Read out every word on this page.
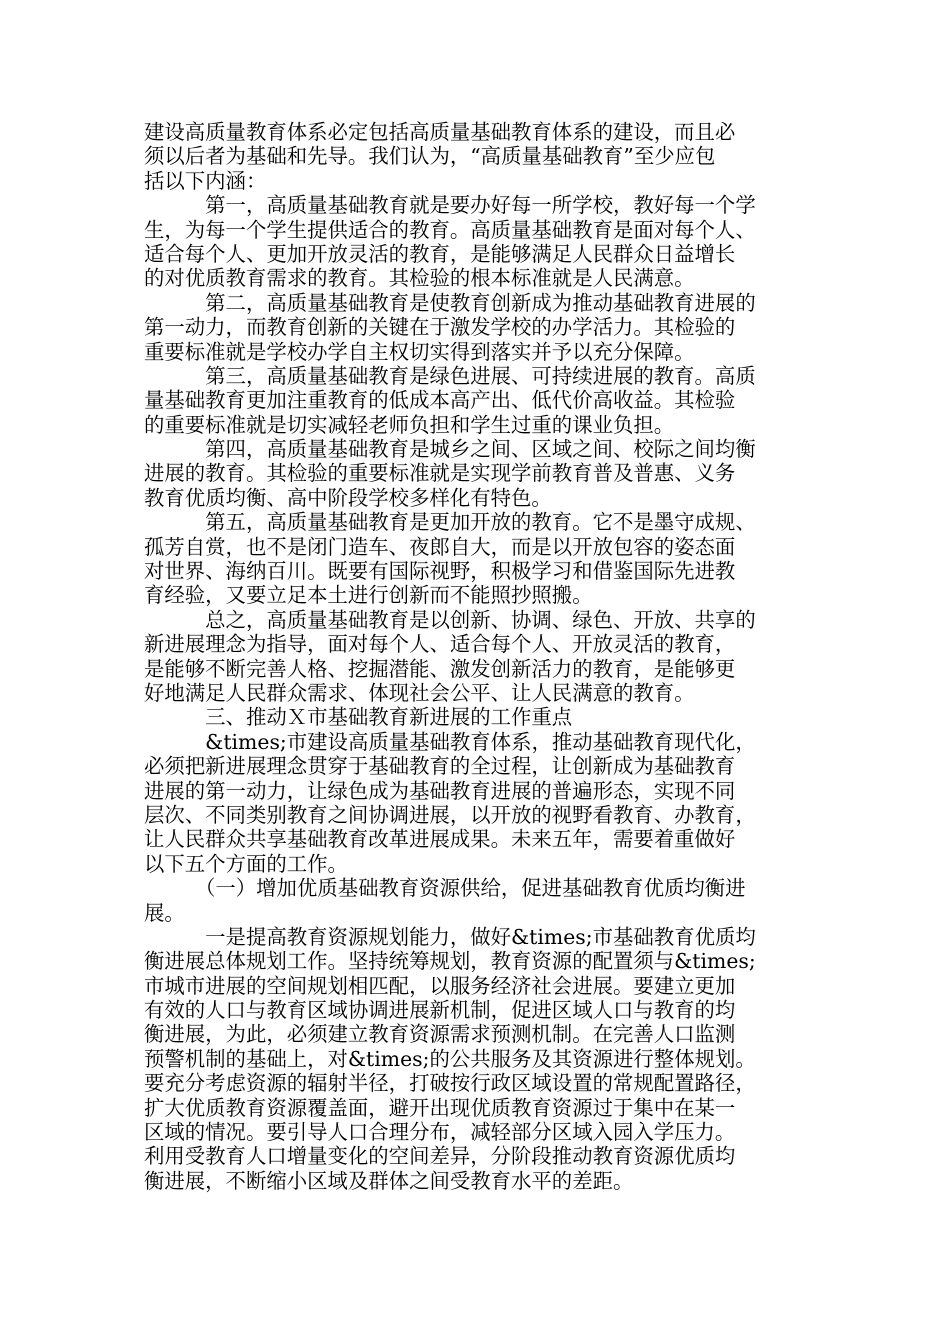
建设高质量教育体系必定包括高质量基础教育体系的建设，而且必
须以后者为基础和先导。我们认为，“高质量基础教育”至少应包
括以下内涵：
　　　第一，高质量基础教育就是要办好每一所学校，教好每一个学
生，为每一个学生提供适合的教育。高质量基础教育是面对每个人、
适合每个人、更加开放灵活的教育，是能够满足人民群众日益增长
的对优质教育需求的教育。其检验的根本标准就是人民满意。
　　　第二，高质量基础教育是使教育创新成为推动基础教育进展的
第一动力，而教育创新的关键在于激发学校的办学活力。其检验的
重要标准就是学校办学自主权切实得到落实并予以充分保障。
　　　第三，高质量基础教育是绿色进展、可持续进展的教育。高质
量基础教育更加注重教育的低成本高产出、低代价高收益。其检验
的重要标准就是切实减轻老师负担和学生过重的课业负担。
　　　第四，高质量基础教育是城乡之间、区域之间、校际之间均衡
进展的教育。其检验的重要标准就是实现学前教育普及普惠、义务
教育优质均衡、高中阶段学校多样化有特色。
　　　第五，高质量基础教育是更加开放的教育。它不是墨守成规、
孤芳自赏，也不是闭门造车、夜郎自大，而是以开放包容的姿态面
对世界、海纳百川。既要有国际视野，积极学习和借鉴国际先进教
育经验，又要立足本土进行创新而不能照抄照搬。
　　　总之，高质量基础教育是以创新、协调、绿色、开放、共享的
新进展理念为指导，面对每个人、适合每个人、开放灵活的教育，
是能够不断完善人格、挖掘潜能、激发创新活力的教育，是能够更
好地满足人民群众需求、体现社会公平、让人民满意的教育。
　　　三、推动Ｘ市基础教育新进展的工作重点
　　　&times;市建设高质量基础教育体系，推动基础教育现代化，
必须把新进展理念贯穿于基础教育的全过程，让创新成为基础教育
进展的第一动力，让绿色成为基础教育进展的普遍形态，实现不同
层次、不同类别教育之间协调进展，以开放的视野看教育、办教育，
让人民群众共享基础教育改革进展成果。未来五年，需要着重做好
以下五个方面的工作。
　　　（一）增加优质基础教育资源供给，促进基础教育优质均衡进
展。
　　　一是提高教育资源规划能力，做好&times;市基础教育优质均
衡进展总体规划工作。坚持统筹规划，教育资源的配置须与&times;
市城市进展的空间规划相匹配，以服务经济社会进展。要建立更加
有效的人口与教育区域协调进展新机制，促进区域人口与教育的均
衡进展，为此，必须建立教育资源需求预测机制。在完善人口监测
预警机制的基础上，对&times;的公共服务及其资源进行整体规划。
要充分考虑资源的辐射半径，打破按行政区域设置的常规配置路径，
扩大优质教育资源覆盖面，避开出现优质教育资源过于集中在某一
区域的情况。要引导人口合理分布，减轻部分区域入园入学压力。
利用受教育人口增量变化的空间差异，分阶段推动教育资源优质均
衡进展，不断缩小区域及群体之间受教育水平的差距。
